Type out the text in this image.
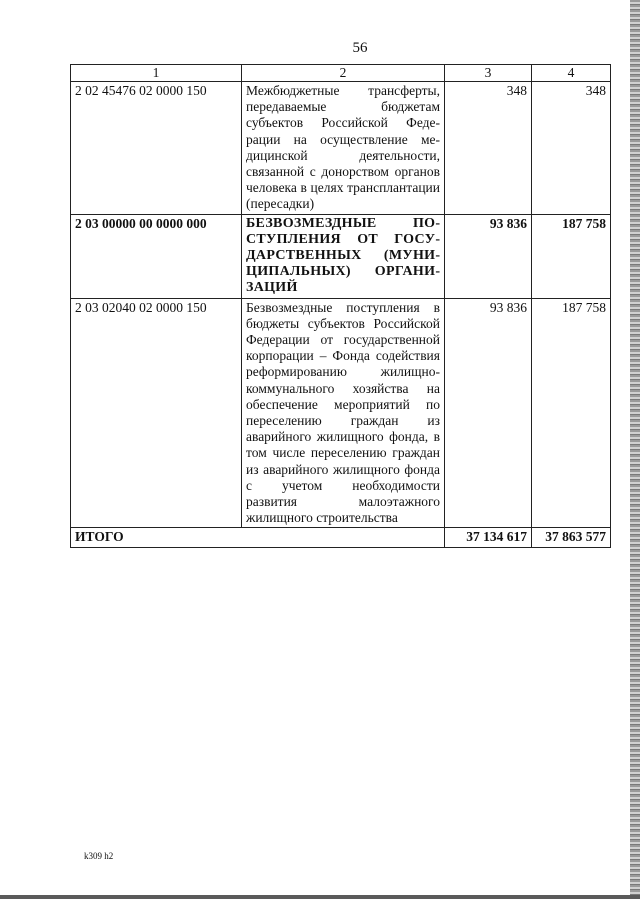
56
1	2	3	4
2 02 45476 02 0000 150	Межбюджетные трансферты, передаваемые бюджетам субъектов Российской Федерации на осуществление медицинской деятельности, связанной с донорством органов человека в целях трансплантации (пересадки)	348	348
2 03 00000 00 0000 000	БЕЗВОЗМЕЗДНЫЕ ПОСТУПЛЕНИЯ ОТ ГОСУДАРСТВЕННЫХ (МУНИЦИПАЛЬНЫХ) ОРГАНИЗАЦИЙ	93 836	187 758
2 03 02040 02 0000 150	Безвозмездные поступления в бюджеты субъектов Российской Федерации от государственной корпорации – Фонда содействия реформированию жилищно-коммунального хозяйства на обеспечение мероприятий по переселению граждан из аварийного жилищного фонда, в том числе переселению граждан из аварийного жилищного фонда с учетом необходимости развития малоэтажного жилищного строительства	93 836	187 758
ИТОГО		37 134 617	37 863 577
k309 h2
